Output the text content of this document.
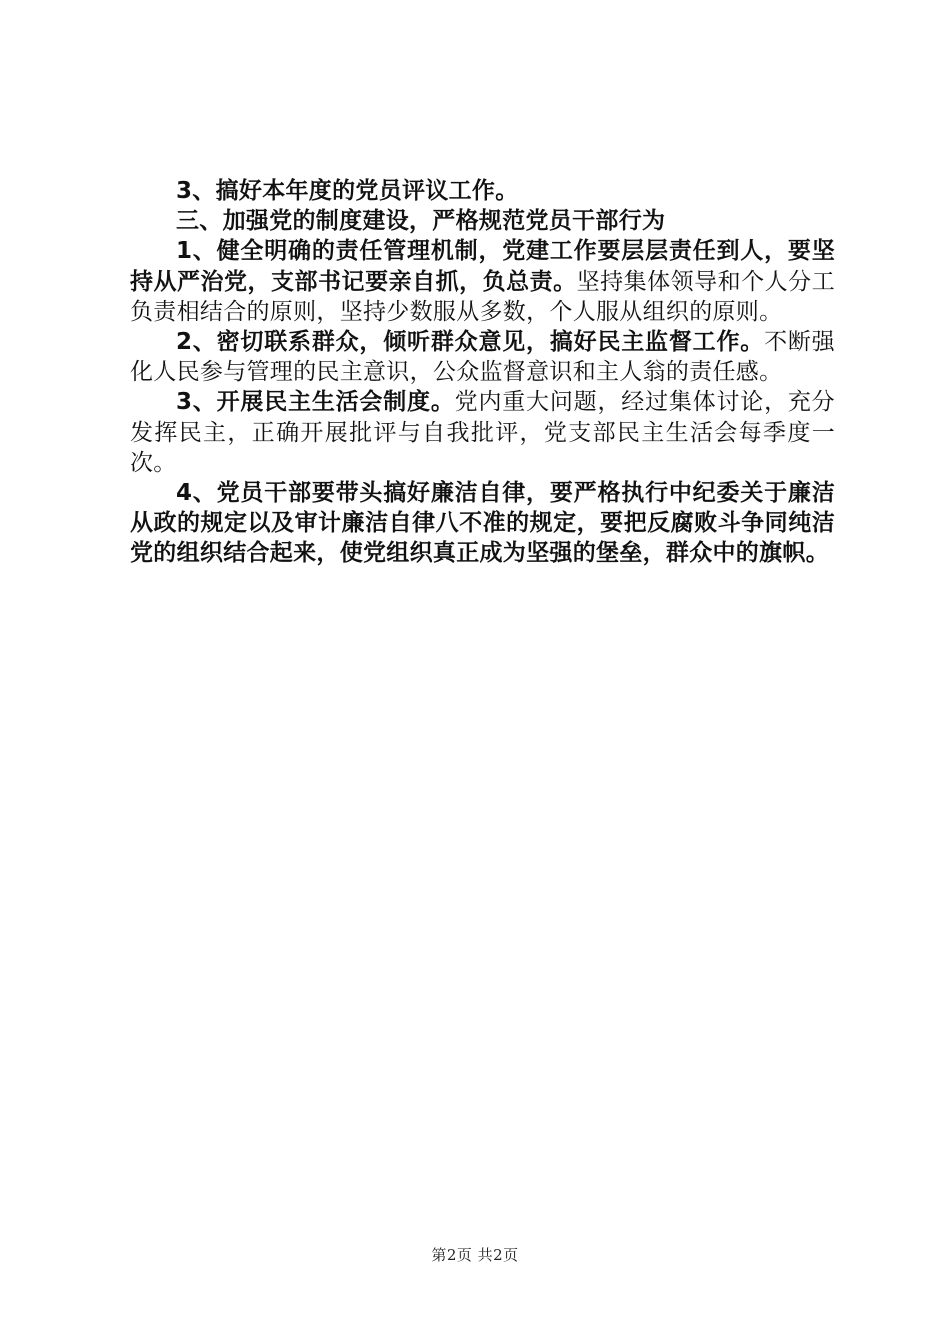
3、搞好本年度的党员评议工作。

三、加强党的制度建设，严格规范党员干部行为

1、健全明确的责任管理机制，党建工作要层层责任到人，要坚持从严治党，支部书记要亲自抓，负总责。坚持集体领导和个人分工负责相结合的原则，坚持少数服从多数，个人服从组织的原则。

2、密切联系群众，倾听群众意见，搞好民主监督工作。不断强化人民参与管理的民主意识，公众监督意识和主人翁的责任感。

3、开展民主生活会制度。党内重大问题，经过集体讨论，充分发挥民主，正确开展批评与自我批评，党支部民主生活会每季度一次。

4、党员干部要带头搞好廉洁自律，要严格执行中纪委关于廉洁从政的规定以及审计廉洁自律八不准的规定，要把反腐败斗争同纯洁党的组织结合起来，使党组织真正成为坚强的堡垒，群众中的旗帜。

第2页 共2页
